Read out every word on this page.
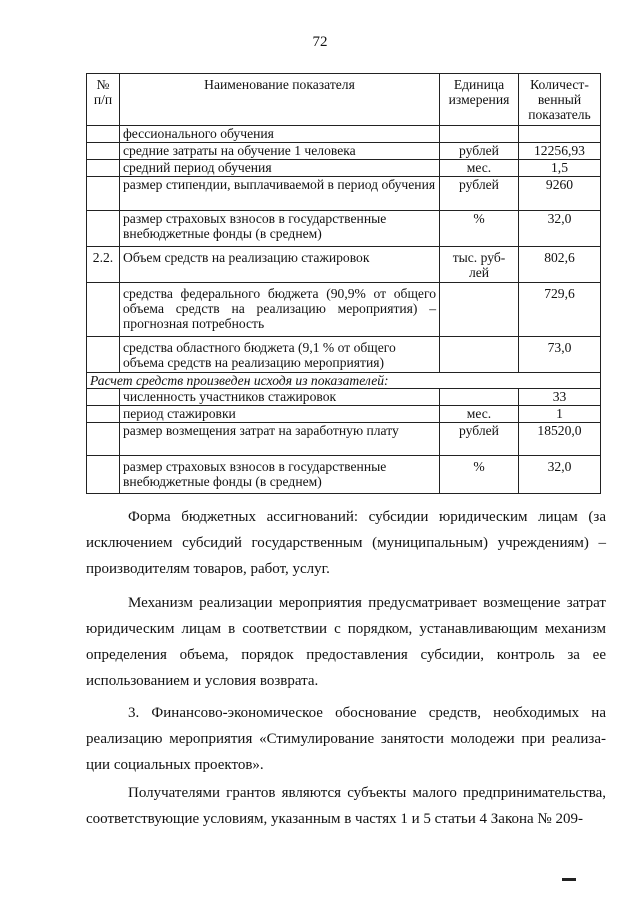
72
№ п/п	Наименование показателя	Единица измерения	Количест-венный показатель
	фессионального обучения		
	средние затраты на обучение 1 человека	рублей	12256,93
	средний период обучения	мес.	1,5
	размер стипендии, выплачиваемой в период обучения	рублей	9260
	размер страховых взносов в государственные внебюджетные фонды (в среднем)	%	32,0
2.2.	Объем средств на реализацию стажировок	тыс. руб-лей	802,6
	средства федерального бюджета (90,9% от общего объема средств на реализацию мероприятия) – прогнозная потребность		729,6
	средства областного бюджета (9,1 % от общего объема средств на реализацию мероприятия)		73,0
Расчет средств произведен исходя из показателей:			
	численность участников стажировок		33
	период стажировки	мес.	1
	размер возмещения затрат на заработную плату	рублей	18520,0
	размер страховых взносов в государственные внебюджетные фонды (в среднем)	%	32,0

Форма бюджетных ассигнований: субсидии юридическим лицам (за исключением субсидий государственным (муниципальным) учреждениям) – производителям товаров, работ, услуг.

Механизм реализации мероприятия предусматривает возмещение затрат юридическим лицам в соответствии с порядком, устанавливающим механизм определения объема, порядок предоставления субсидии, контроль за ее использованием и условия возврата.

3. Финансово-экономическое обоснование средств, необходимых на реализацию мероприятия «Стимулирование занятости молодежи при реализа-ции социальных проектов».

Получателями грантов являются субъекты малого предпринимательства, соответствующие условиям, указанным в частях 1 и 5 статьи 4 Закона № 209-
